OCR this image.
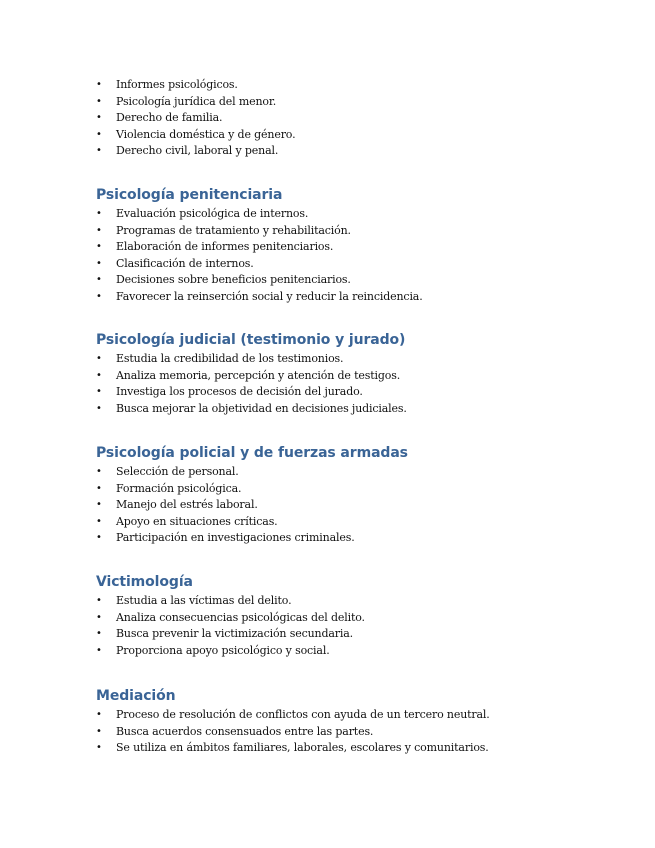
•	Informes psicológicos.
•	Psicología jurídica del menor.
•	Derecho de familia.
•	Violencia doméstica y de género.
•	Derecho civil, laboral y penal.
Psicología penitenciaria
•	Evaluación psicológica de internos.
•	Programas de tratamiento y rehabilitación.
•	Elaboración de informes penitenciarios.
•	Clasificación de internos.
•	Decisiones sobre beneficios penitenciarios.
•	Favorecer la reinserción social y reducir la reincidencia.
Psicología judicial (testimonio y jurado)
•	Estudia la credibilidad de los testimonios.
•	Analiza memoria, percepción y atención de testigos.
•	Investiga los procesos de decisión del jurado.
•	Busca mejorar la objetividad en decisiones judiciales.
Psicología policial y de fuerzas armadas
•	Selección de personal.
•	Formación psicológica.
•	Manejo del estrés laboral.
•	Apoyo en situaciones críticas.
•	Participación en investigaciones criminales.
Victimología
•	Estudia a las víctimas del delito.
•	Analiza consecuencias psicológicas del delito.
•	Busca prevenir la victimización secundaria.
•	Proporciona apoyo psicológico y social.
Mediación
•	Proceso de resolución de conflictos con ayuda de un tercero neutral.
•	Busca acuerdos consensuados entre las partes.
•	Se utiliza en ámbitos familiares, laborales, escolares y comunitarios.
